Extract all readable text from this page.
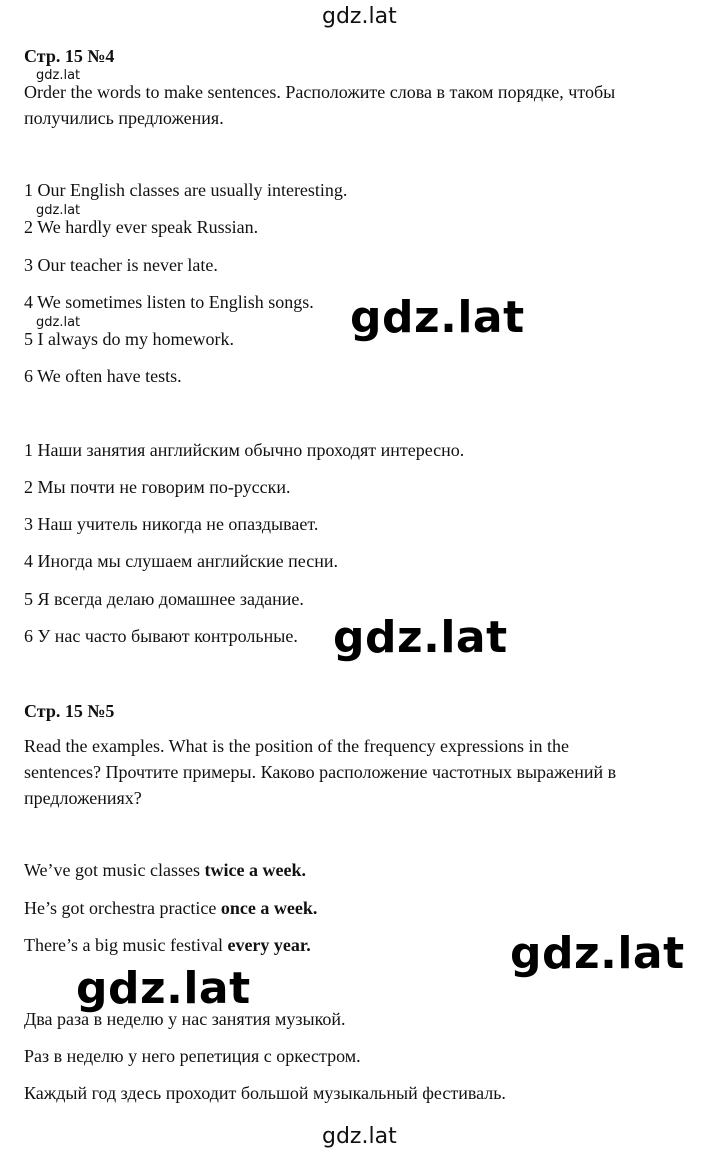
gdz.lat
Стр. 15 №4
gdz.lat
Order the words to make sentences. Расположите слова в таком порядке, чтобы
получились предложения.
1 Our English classes are usually interesting.
gdz.lat
2 We hardly ever speak Russian.
3 Our teacher is never late.
4 We sometimes listen to English songs.
gdz.lat
5 I always do my homework.
6 We often have tests.
gdz.lat
1 Наши занятия английским обычно проходят интересно.
2 Мы почти не говорим по-русски.
3 Наш учитель никогда не опаздывает.
4 Иногда мы слушаем английские песни.
5 Я всегда делаю домашнее задание.
6 У нас часто бывают контрольные. gdz.lat
Стр. 15 №5
Read the examples. What is the position of the frequency expressions in the
sentences? Прочтите примеры. Каково расположение частотных выражений в
предложениях?
We’ve got music classes twice a week.
He’s got orchestra practice once a week.
There’s a big music festival every year.	gdz.lat
gdz.lat
Два раза в неделю у нас занятия музыкой.
Раз в неделю у него репетиция с оркестром.
Каждый год здесь проходит большой музыкальный фестиваль.
gdz.lat
